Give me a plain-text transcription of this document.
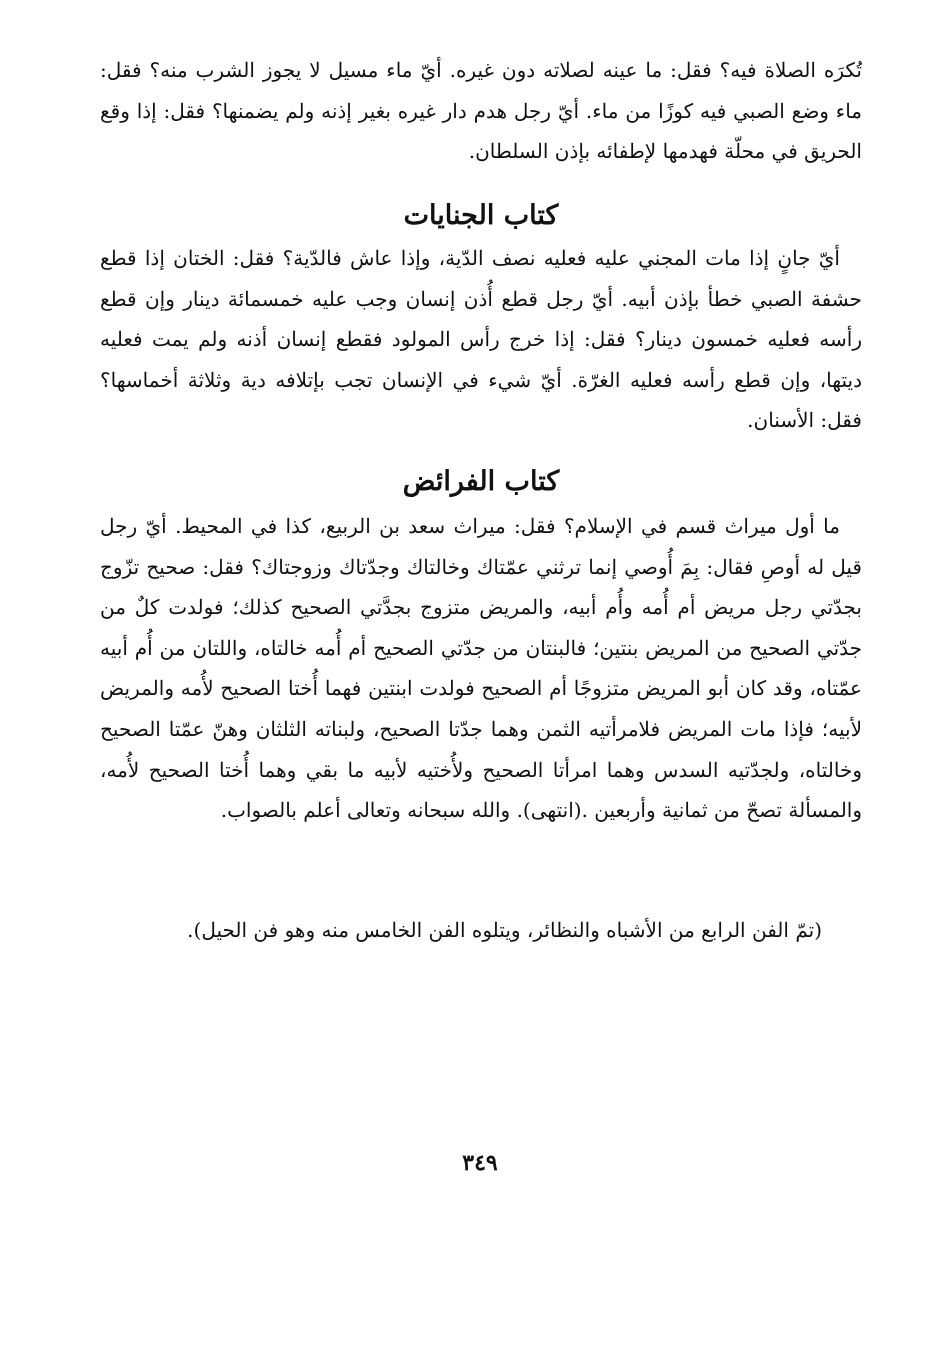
تُكرَه الصلاة فيه؟ فقل: ما عينه لصلاته دون غيره. أيّ ماء مسيل لا يجوز الشرب منه؟ فقل: ماء وضع الصبي فيه كوزًا من ماء. أيّ رجل هدم دار غيره بغير إذنه ولم يضمنها؟ فقل: إذا وقع الحريق في محلّة فهدمها لإطفائه بإذن السلطان.

كتاب الجنايات

أيّ جانٍ إذا مات المجني عليه فعليه نصف الدّية، وإذا عاش فالدّية؟ فقل: الختان إذا قطع حشفة الصبي خطأ بإذن أبيه. أيّ رجل قطع أُذن إنسان وجب عليه خمسمائة دينار وإن قطع رأسه فعليه خمسون دينار؟ فقل: إذا خرج رأس المولود فقطع إنسان أذنه ولم يمت فعليه ديتها، وإن قطع رأسه فعليه الغرّة. أيّ شيء في الإنسان تجب بإتلافه دية وثلاثة أخماسها؟ فقل: الأسنان.

كتاب الفرائض

ما أول ميراث قسم في الإسلام؟ فقل: ميراث سعد بن الربيع، كذا في المحيط. أيّ رجل قيل له أوصِ فقال: بِمَ أُوصي إنما ترثني عمّتاك وخالتاك وجدّتاك وزوجتاك؟ فقل: صحيح تزّوج بجدّتي رجل مريض أم أُمه وأُم أبيه، والمريض متزوج بجدَّتي الصحيح كذلك؛ فولدت كلٌ من جدّتي الصحيح من المريض بنتين؛ فالبنتان من جدّتي الصحيح أم أُمه خالتاه، واللتان من أُم أبيه عمّتاه، وقد كان أبو المريض متزوجًا أم الصحيح فولدت ابنتين فهما أُختا الصحيح لأُمه والمريض لأبيه؛ فإذا مات المريض فلامرأتيه الثمن وهما جدّتا الصحيح، ولبناته الثلثان وهنّ عمّتا الصحيح وخالتاه، ولجدّتيه السدس وهما امرأتا الصحيح ولأُختيه لأبيه ما بقي وهما أُختا الصحيح لأُمه، والمسألة تصحّ من ثمانية وأربعين .(انتهى). والله سبحانه وتعالى أعلم بالصواب.

(تمّ الفن الرابع من الأشباه والنظائر، ويتلوه الفن الخامس منه وهو فن الحيل).

٣٤٩
